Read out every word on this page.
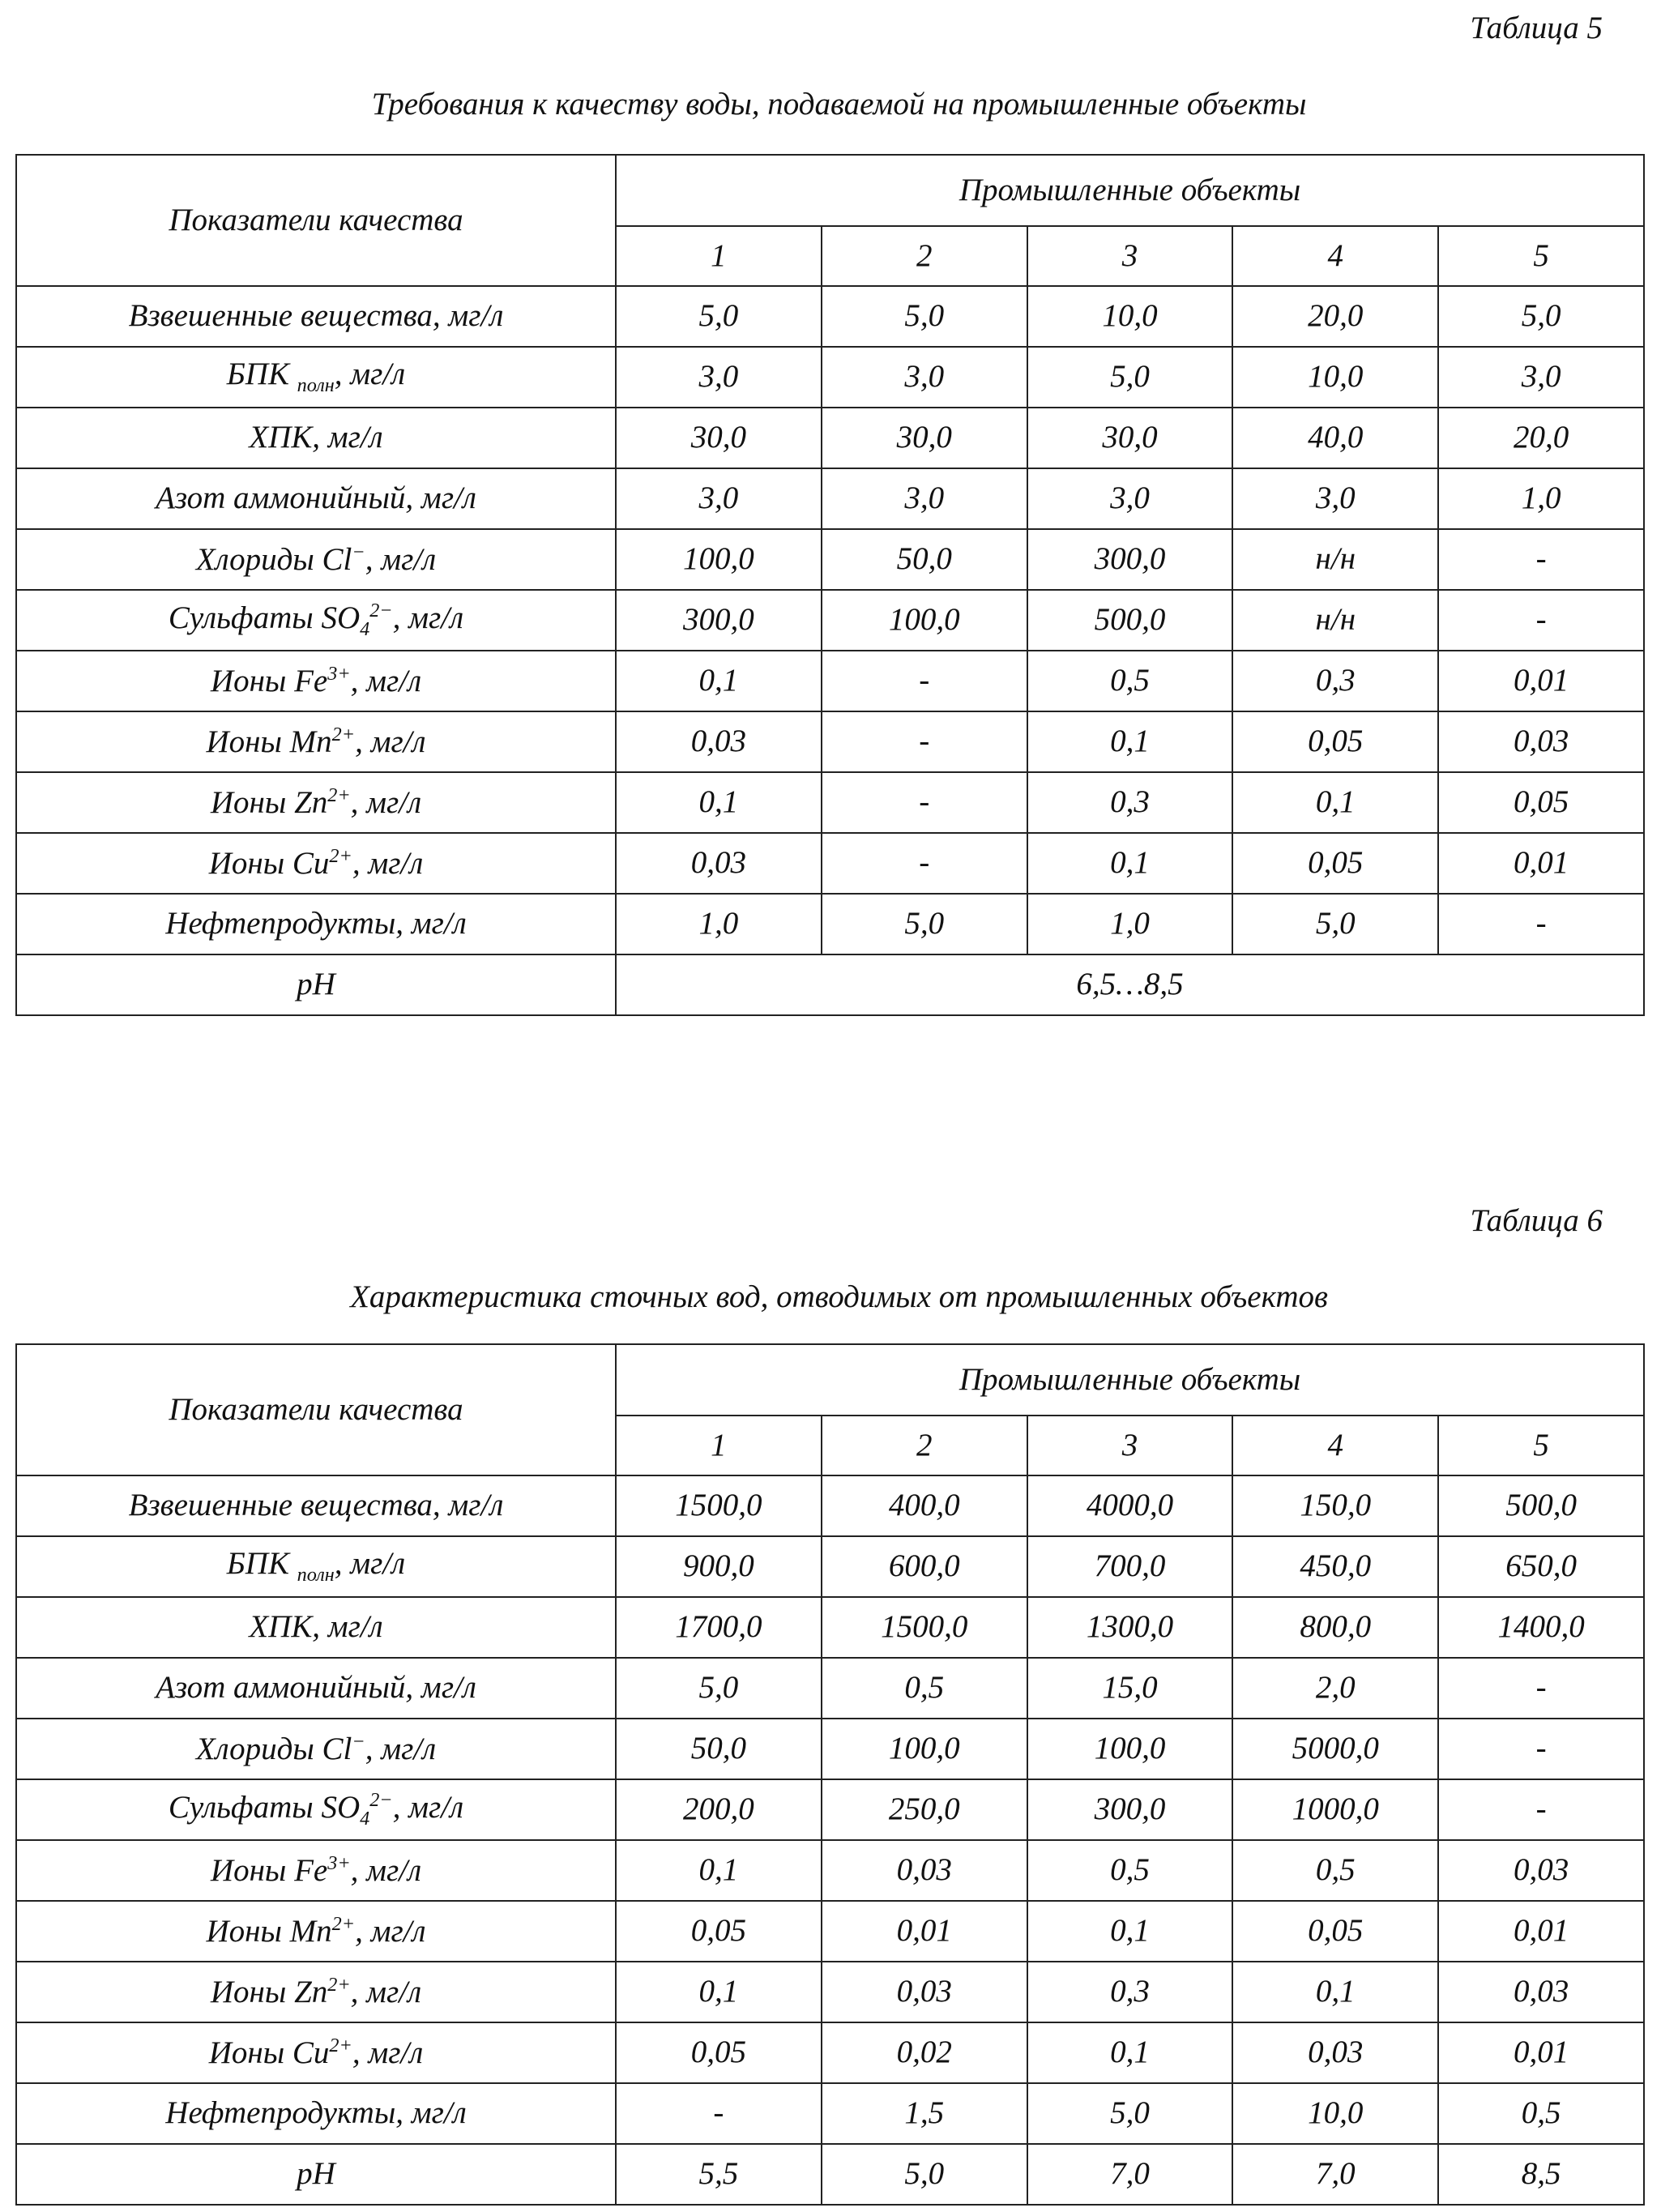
Таблица 5
Требования к качеству воды, подаваемой на промышленные объекты
Показатели качества	Промышленные объекты				
	1	2	3	4	5
Взвешенные вещества, мг/л	5,0	5,0	10,0	20,0	5,0
БПК $_{полн}$, мг/л	3,0	3,0	5,0	10,0	3,0
ХПК, мг/л	30,0	30,0	30,0	40,0	20,0
Азот аммонийный, мг/л	3,0	3,0	3,0	3,0	1,0
Хлориды Cl−, мг/л	100,0	50,0	300,0	н/н	-
Сульфаты $SO_4^{2-}$, мг/л	300,0	100,0	500,0	н/н	-
Ионы $Fe^{3+}$, мг/л	0,1	-	0,5	0,3	0,01
Ионы $Mn^{2+}$, мг/л	0,03	-	0,1	0,05	0,03
Ионы $Zn^{2+}$, мг/л	0,1	-	0,3	0,1	0,05
Ионы $Cu^{2+}$, мг/л	0,03	-	0,1	0,05	0,01
Нефтепродукты, мг/л	1,0	5,0	1,0	5,0	-
pH	6,5…8,5				
Таблица 6
Характеристика сточных вод, отводимых от промышленных объектов
Показатели качества	Промышленные объекты				
	1	2	3	4	5
Взвешенные вещества, мг/л	1500,0	400,0	4000,0	150,0	500,0
БПК $_{полн}$, мг/л	900,0	600,0	700,0	450,0	650,0
ХПК, мг/л	1700,0	1500,0	1300,0	800,0	1400,0
Азот аммонийный, мг/л	5,0	0,5	15,0	2,0	-
Хлориды Cl−, мг/л	50,0	100,0	100,0	5000,0	-
Сульфаты $SO_4^{2-}$, мг/л	200,0	250,0	300,0	1000,0	-
Ионы $Fe^{3+}$, мг/л	0,1	0,03	0,5	0,5	0,03
Ионы $Mn^{2+}$, мг/л	0,05	0,01	0,1	0,05	0,01
Ионы $Zn^{2+}$, мг/л	0,1	0,03	0,3	0,1	0,03
Ионы $Cu^{2+}$, мг/л	0,05	0,02	0,1	0,03	0,01
Нефтепродукты, мг/л	-	1,5	5,0	10,0	0,5
pH	5,5	5,0	7,0	7,0	8,5
